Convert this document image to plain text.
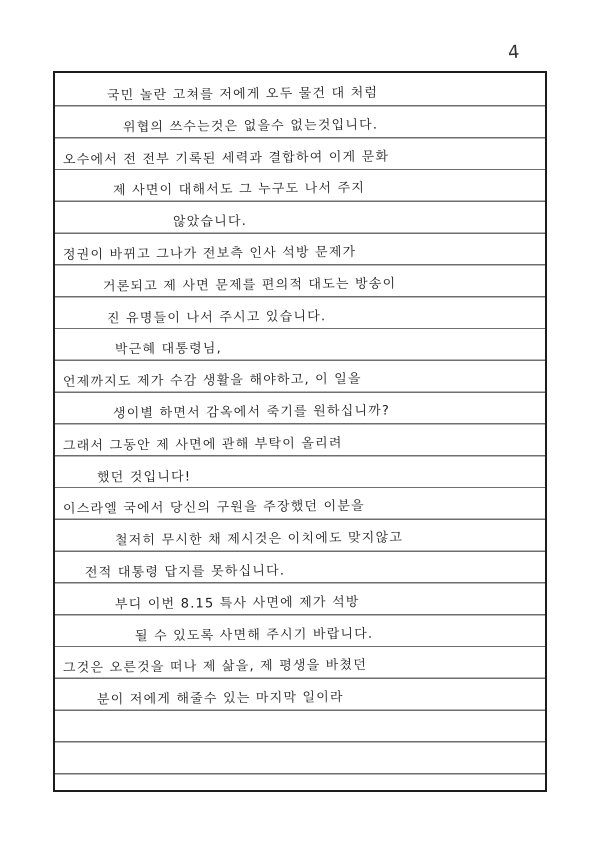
4
국민 놀란 고쳐를 저에게 오두 물건 대 처럼
위협의 쓰수는것은 없을수 없는것입니다.
오수에서 전 전부 기록된 세력과 결합하여 이게 문화
제 사면이 대해서도 그 누구도 나서 주지
않았습니다.
정권이 바뀌고 그나가 전보측 인사 석방 문제가
거론되고 제 사면 문제를 편의적 대도는 방송이
진 유명들이 나서 주시고 있습니다.
박근혜 대통령님,
언제까지도 제가 수감 생활을 해야하고, 이 일을
생이별 하면서 감옥에서 죽기를 원하십니까?
그래서 그동안 제 사면에 관해 부탁이 올리려
했던 것입니다!
이스라엘 국에서 당신의 구원을 주장했던 이분을
철저히 무시한 채 제시것은 이치에도 맞지않고
전적 대통령 답지를 못하십니다.
부디 이번 8.15 특사 사면에 제가 석방
될 수 있도록 사면해 주시기 바랍니다.
그것은 오른것을 떠나 제 삶을, 제 평생을 바쳤던
분이 저에게 해줄수 있는 마지막 일이라
